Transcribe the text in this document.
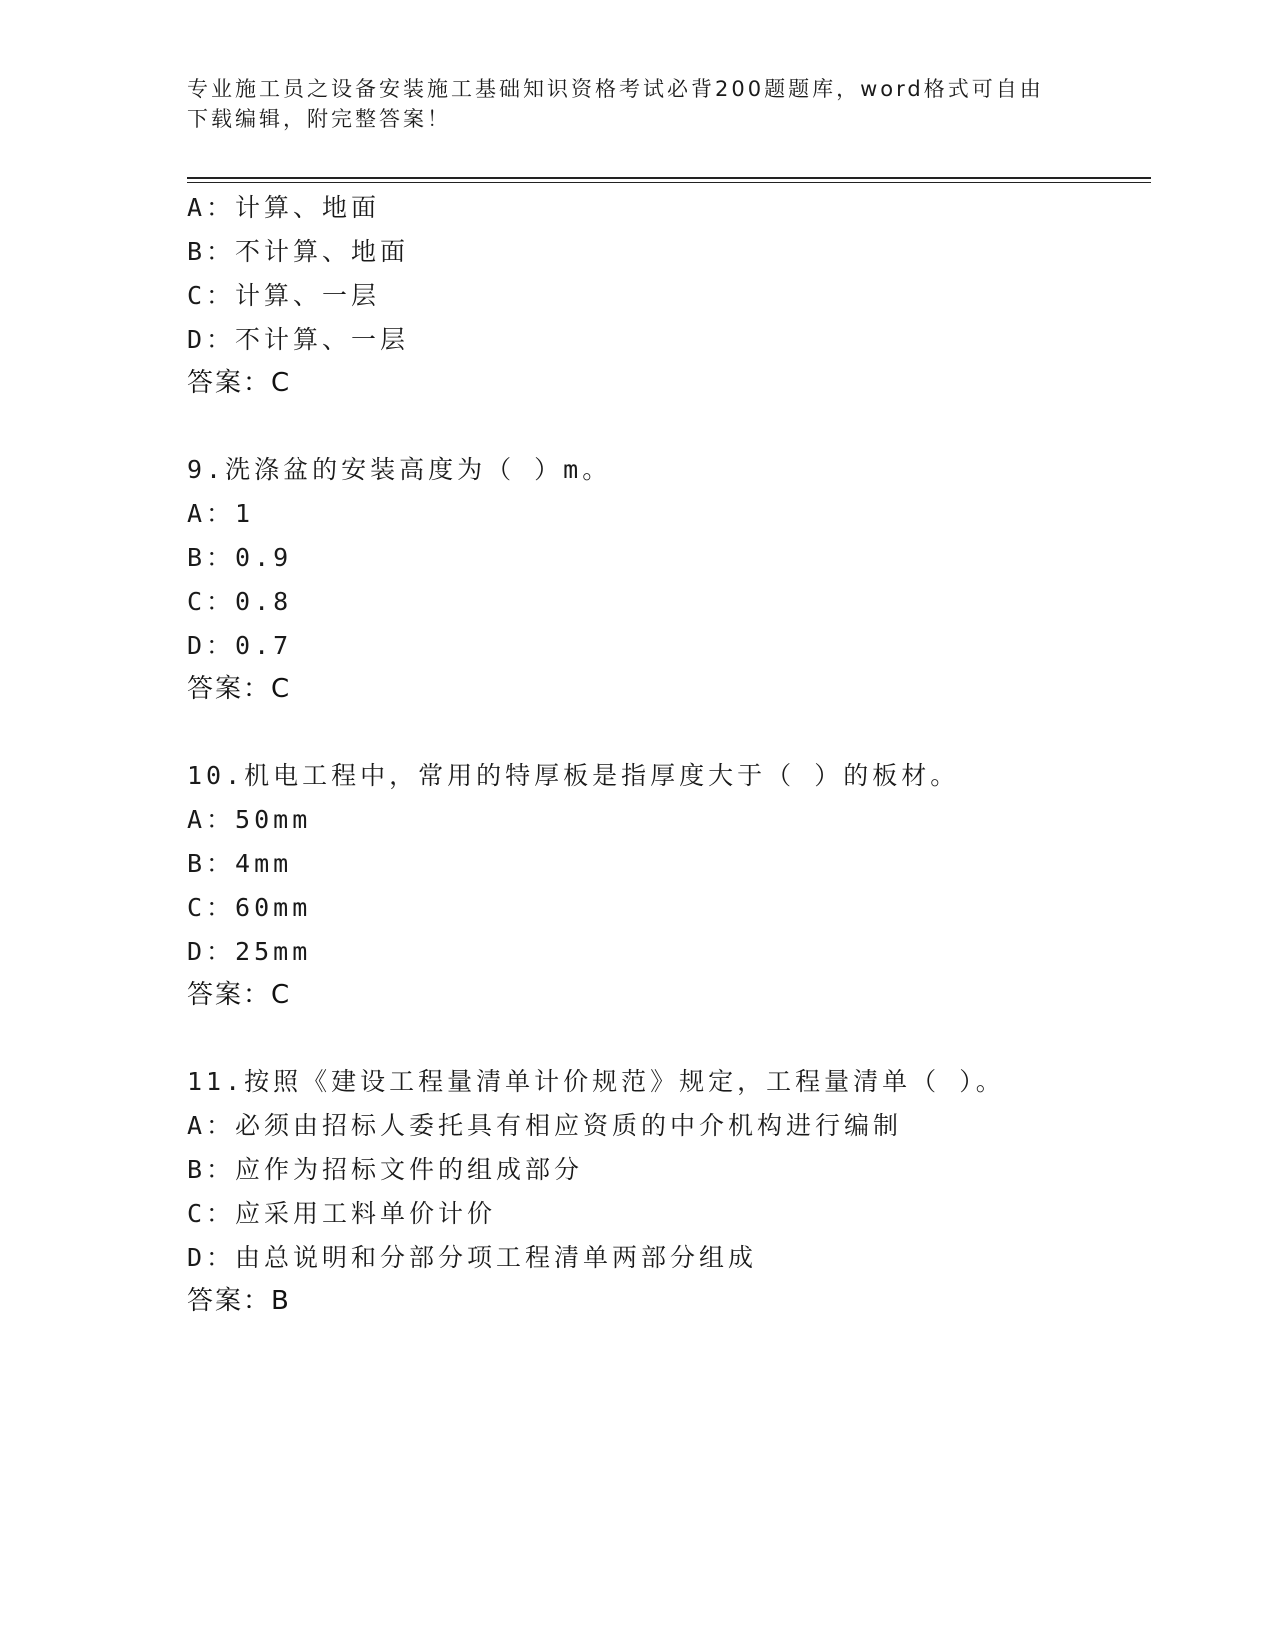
专业施工员之设备安装施工基础知识资格考试必背200题题库，word格式可自由
下载编辑，附完整答案！
A：计算、地面
B：不计算、地面
C：计算、一层
D：不计算、一层
答案：C
9.洗涤盆的安装高度为（ ）m。
A：1
B：0.9
C：0.8
D：0.7
答案：C
10.机电工程中，常用的特厚板是指厚度大于（ ）的板材。
A：50mm
B：4mm
C：60mm
D：25mm
答案：C
11.按照《建设工程量清单计价规范》规定，工程量清单（ ）。
A：必须由招标人委托具有相应资质的中介机构进行编制
B：应作为招标文件的组成部分
C：应采用工料单价计价
D：由总说明和分部分项工程清单两部分组成
答案：B
